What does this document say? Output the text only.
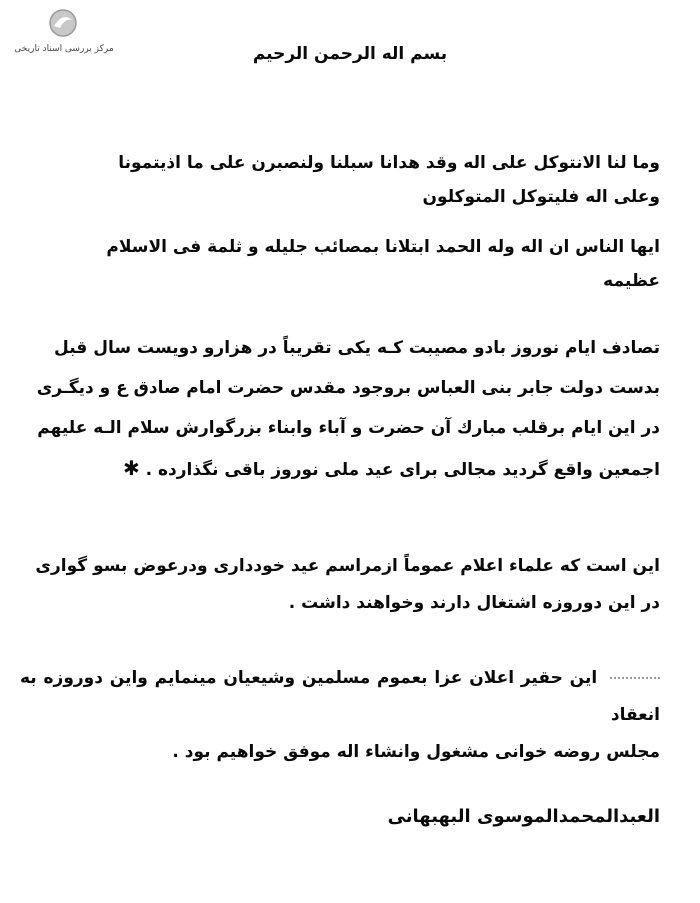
مرکز بررسی اسناد تاریخی	بسم اله الرحمن الرحیم
وما لنا الانتوکل علی اله وقد هدانا سبلنا ولنصبرن علی ما اذیتمونا
وعلی اله فلیتوکل المتوکلون
ایها الناس ان اله وله الحمد ابتلانا بمصائب جلیله و ثلمة فی الاسلام
عظیمه
تصادف ایام نوروز بادو مصیبت کـه یکی تقریباً در هزارو دویست سال قبل
بدست دولت جابر بنی العباس بروجود مقدس حضرت امام صادق ع و دیگـری
در این ایام برقلب مبارك آن حضرت و آباء وابناء بزرگوارش سلام الـه علیهم
اجمعین واقع گردید مجالی برای عید ملی نوروز باقی نگذارده . ✱
این است که علماء اعلام عموماً ازمراسم عید خودداری ودرعوض بسو گواری
در این دوروزه اشتغال دارند وخواهند داشت .
این حقیر اعلان عزا بعموم مسلمین وشیعیان مینمایم واین دوروزه به انعقاد
مجلس روضه خوانی مشغول وانشاء اله موفق خواهیم بود .
العبدالمحمدالموسوی البهبهانی
